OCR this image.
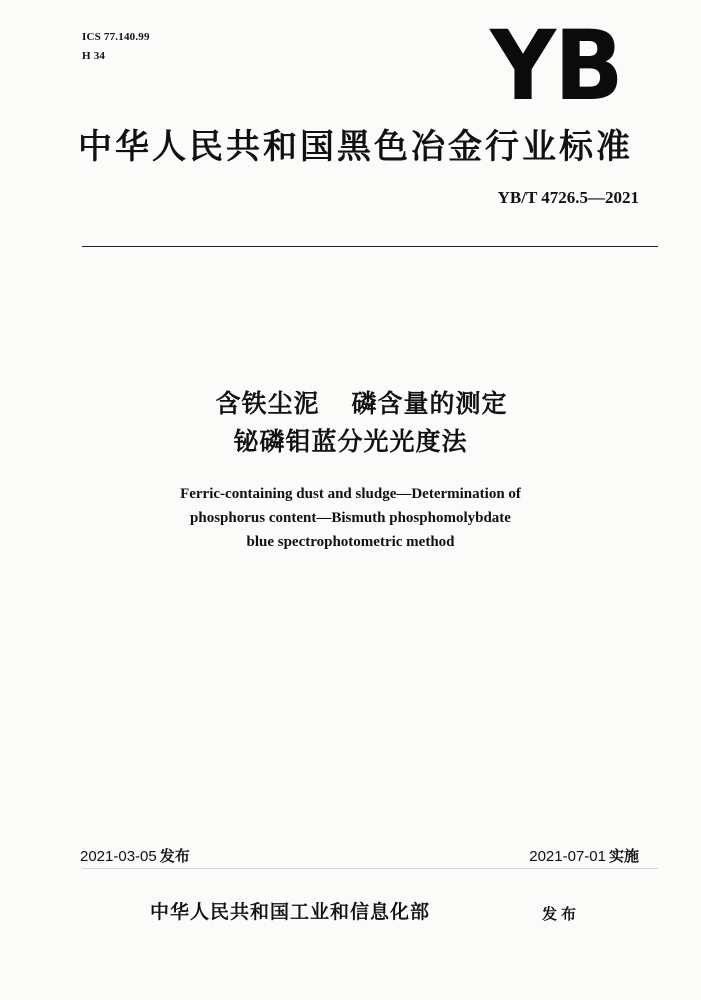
ICS 77.140.99
H 34	YB
中华人民共和国黑色冶金行业标准
YB/T 4726.5—2021
含铁尘泥 磷含量的测定
铋磷钼蓝分光光度法
Ferric-containing dust and sludge—Determination of
phosphorus content—Bismuth phosphomolybdate
blue spectrophotometric method
2021-03-05 发布	2021-07-01 实施
中华人民共和国工业和信息化部	发布
